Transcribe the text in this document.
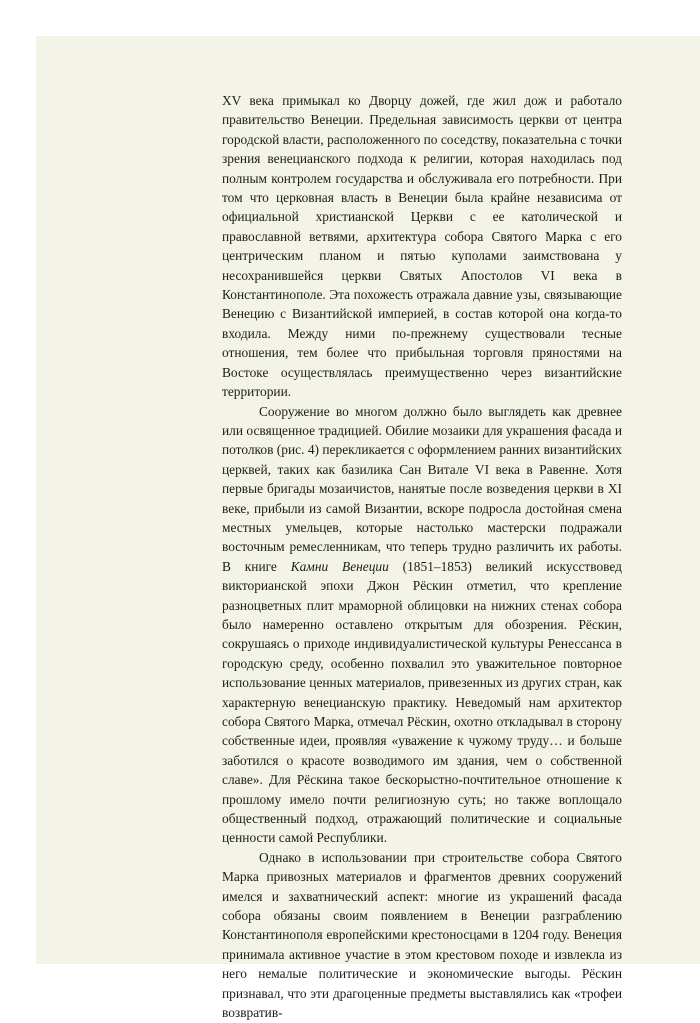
XV века примыкал ко Дворцу дожей, где жил дож и работало правительство Венеции. Предельная зависимость церкви от центра городской власти, расположенного по соседству, показательна с точки зрения венецианского подхода к религии, которая находилась под полным контролем государства и обслуживала его потребности. При том что церковная власть в Венеции была крайне независима от официальной христианской Церкви с ее католической и православной ветвями, архитектура собора Святого Марка с его центрическим планом и пятью куполами заимствована у несохранившейся церкви Святых Апостолов VI века в Константинополе. Эта похожесть отражала давние узы, связывающие Венецию с Византийской империей, в состав которой она когда-то входила. Между ними по-прежнему существовали тесные отношения, тем более что прибыльная торговля пряностями на Востоке осуществлялась преимущественно через византийские территории.

Сооружение во многом должно было выглядеть как древнее или освященное традицией. Обилие мозаики для украшения фасада и потолков (рис. 4) перекликается с оформлением ранних византийских церквей, таких как базилика Сан Витале VI века в Равенне. Хотя первые бригады мозаичистов, нанятые после возведения церкви в XI веке, прибыли из самой Византии, вскоре подросла достойная смена местных умельцев, которые настолько мастерски подражали восточным ремесленникам, что теперь трудно различить их работы. В книге Камни Венеции (1851–1853) великий искусствовед викторианской эпохи Джон Рёскин отметил, что крепление разноцветных плит мраморной облицовки на нижних стенах собора было намеренно оставлено открытым для обозрения. Рёскин, сокрушаясь о приходе индивидуалистической культуры Ренессанса в городскую среду, особенно похвалил это уважительное повторное использование ценных материалов, привезенных из других стран, как характерную венецианскую практику. Неведомый нам архитектор собора Святого Марка, отмечал Рёскин, охотно откладывал в сторону собственные идеи, проявляя «уважение к чужому труду… и больше заботился о красоте возводимого им здания, чем о собственной славе». Для Рёскина такое бескорыстно-почтительное отношение к прошлому имело почти религиозную суть; но также воплощало общественный подход, отражающий политические и социальные ценности самой Республики.

Однако в использовании при строительстве собора Святого Марка привозных материалов и фрагментов древних сооружений имелся и захватнический аспект: многие из украшений фасада собора обязаны своим появлением в Венеции разграблению Константинополя европейскими крестоносцами в 1204 году. Венеция принимала активное участие в этом крестовом походе и извлекла из него немалые политические и экономические выгоды. Рёскин признавал, что эти драгоценные предметы выставлялись как «трофеи возвратив-
